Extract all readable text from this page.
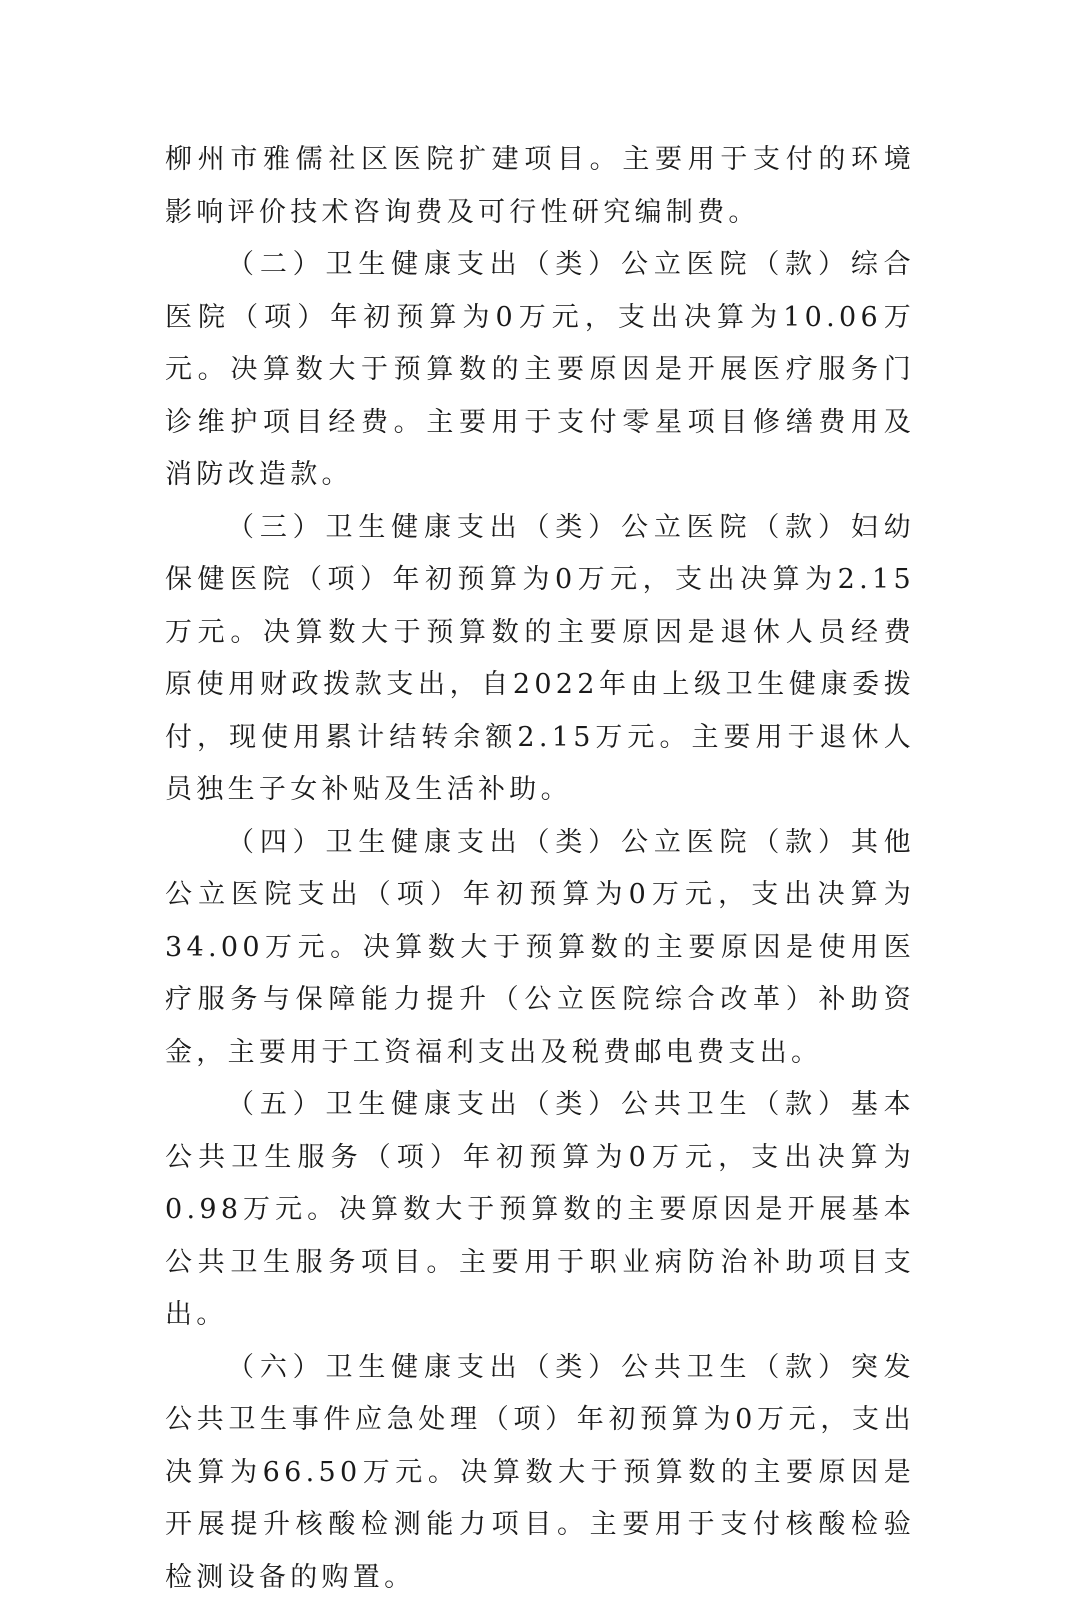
柳州市雅儒社区医院扩建项目。主要用于支付的环境影响评价技术咨询费及可行性研究编制费。

（二）卫生健康支出（类）公立医院（款）综合医院（项）年初预算为0万元，支出决算为10.06万元。决算数大于预算数的主要原因是开展医疗服务门诊维护项目经费。主要用于支付零星项目修缮费用及消防改造款。

（三）卫生健康支出（类）公立医院（款）妇幼保健医院（项）年初预算为0万元，支出决算为2.15万元。决算数大于预算数的主要原因是退休人员经费原使用财政拨款支出，自2022年由上级卫生健康委拨付，现使用累计结转余额2.15万元。主要用于退休人员独生子女补贴及生活补助。

（四）卫生健康支出（类）公立医院（款）其他公立医院支出（项）年初预算为0万元，支出决算为34.00万元。决算数大于预算数的主要原因是使用医疗服务与保障能力提升（公立医院综合改革）补助资金，主要用于工资福利支出及税费邮电费支出。

（五）卫生健康支出（类）公共卫生（款）基本公共卫生服务（项）年初预算为0万元，支出决算为0.98万元。决算数大于预算数的主要原因是开展基本公共卫生服务项目。主要用于职业病防治补助项目支出。

（六）卫生健康支出（类）公共卫生（款）突发公共卫生事件应急处理（项）年初预算为0万元，支出决算为66.50万元。决算数大于预算数的主要原因是开展提升核酸检测能力项目。主要用于支付核酸检验检测设备的购置。
